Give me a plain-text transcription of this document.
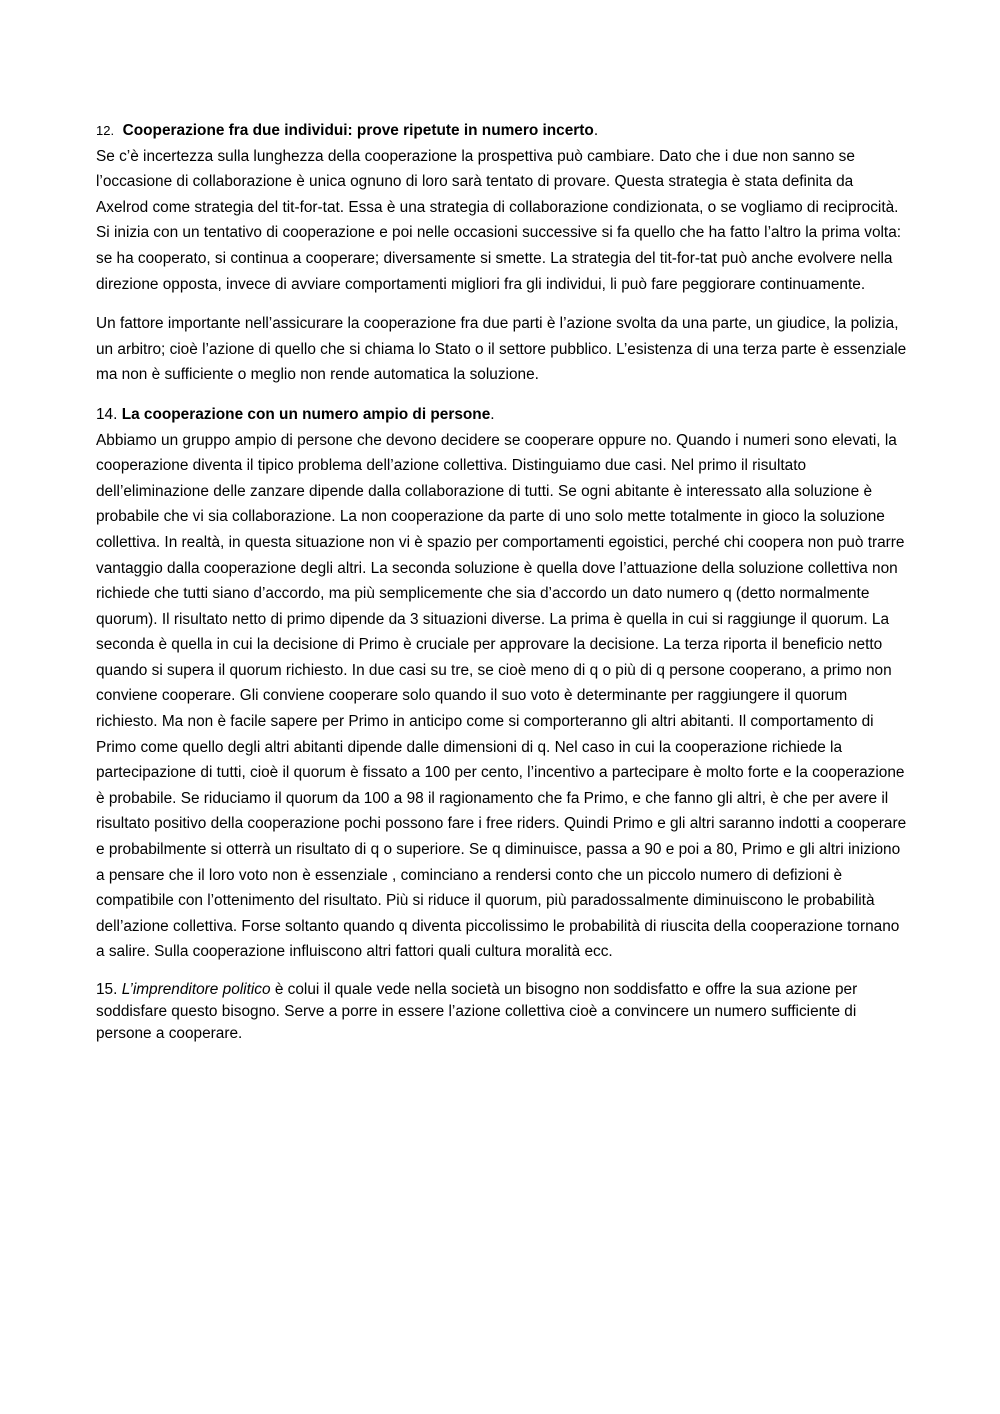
12. Cooperazione fra due individui: prove ripetute in numero incerto.
Se c’è incertezza sulla lunghezza della cooperazione la prospettiva può cambiare. Dato che i due non sanno se l’occasione di collaborazione è unica ognuno di loro sarà tentato di provare. Questa strategia è stata definita da Axelrod come strategia del tit-for-tat. Essa è una strategia di collaborazione condizionata, o se vogliamo di reciprocità. Si inizia con un tentativo di cooperazione e poi nelle occasioni successive si fa quello che ha fatto l’altro la prima volta: se ha cooperato, si continua a cooperare; diversamente si smette. La strategia del tit-for-tat può anche evolvere nella direzione opposta, invece di avviare comportamenti migliori fra gli individui, li può fare peggiorare continuamente.

Un fattore importante nell’assicurare la cooperazione fra due parti è l’azione svolta da una parte, un giudice, la polizia, un arbitro; cioè l’azione di quello che si chiama lo Stato o il settore pubblico. L’esistenza di una terza parte è essenziale ma non è sufficiente o meglio non rende automatica la soluzione.

14. La cooperazione con un numero ampio di persone.
Abbiamo un gruppo ampio di persone che devono decidere se cooperare oppure no. Quando i numeri sono elevati, la cooperazione diventa il tipico problema dell’azione collettiva. Distinguiamo due casi. Nel primo il risultato dell’eliminazione delle zanzare dipende dalla collaborazione di tutti. Se ogni abitante è interessato alla soluzione è probabile che vi sia collaborazione. La non cooperazione da parte di uno solo mette totalmente in gioco la soluzione collettiva. In realtà, in questa situazione non vi è spazio per comportamenti egoistici, perché chi coopera non può trarre vantaggio dalla cooperazione degli altri. La seconda soluzione è quella dove l’attuazione della soluzione collettiva non richiede che tutti siano d’accordo, ma più semplicemente che sia d’accordo un dato numero q (detto normalmente quorum). Il risultato netto di primo dipende da 3 situazioni diverse. La prima è quella in cui si raggiunge il quorum. La seconda è quella in cui la decisione di Primo è cruciale per approvare la decisione. La terza riporta il beneficio netto quando si supera il quorum richiesto. In due casi su tre, se cioè meno di q o più di q persone cooperano, a primo non conviene cooperare. Gli conviene cooperare solo quando il suo voto è determinante per raggiungere il quorum richiesto. Ma non è facile sapere per Primo in anticipo come si comporteranno gli altri abitanti. Il comportamento di Primo come quello degli altri abitanti dipende dalle dimensioni di q. Nel caso in cui la cooperazione richiede la partecipazione di tutti, cioè il quorum è fissato a 100 per cento, l’incentivo a partecipare è molto forte e la cooperazione è probabile. Se riduciamo il quorum da 100 a 98 il ragionamento che fa Primo, e che fanno gli altri, è che per avere il risultato positivo della cooperazione pochi possono fare i free riders. Quindi Primo e gli altri saranno indotti a cooperare e probabilmente si otterrà un risultato di q o superiore. Se q diminuisce, passa a 90 e poi a 80, Primo e gli altri iniziono a pensare che il loro voto non è essenziale , cominciano a rendersi conto che un piccolo numero di defizioni è compatibile con l’ottenimento del risultato. Più si riduce il quorum, più paradossalmente diminuiscono le probabilità dell’azione collettiva. Forse soltanto quando q diventa piccolissimo le probabilità di riuscita della cooperazione tornano a salire. Sulla cooperazione influiscono altri fattori quali cultura moralità ecc.
15. L’imprenditore politico è colui il quale vede nella società un bisogno non soddisfatto e offre la sua azione per soddisfare questo bisogno. Serve a porre in essere l’azione collettiva cioè a convincere un numero sufficiente di persone a cooperare.
